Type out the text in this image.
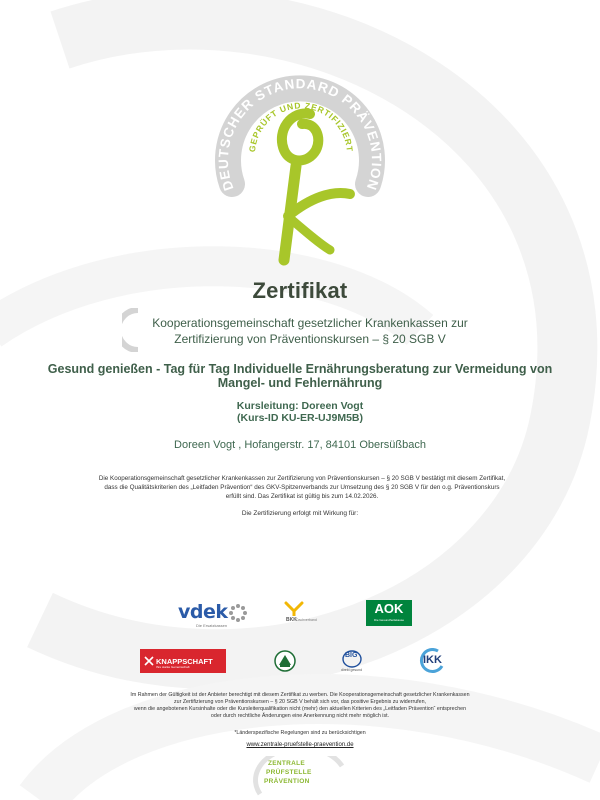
DEUTSCHER STANDARD PRÄVENTION
GEPRÜFT UND ZERTIFIZIERT
Zertifikat
Kooperationsgemeinschaft gesetzlicher Krankenkassen zur
Zertifizierung von Präventionskursen – § 20 SGB V
Gesund genießen - Tag für Tag Individuelle Ernährungsberatung zur Vermeidung von
Mangel- und Fehlernährung
Kursleitung: Doreen Vogt
(Kurs-ID KU-ER-UJ9M5B)
Doreen Vogt , Hofangerstr. 17, 84101 Obersüßbach
Die Kooperationsgemeinschaft gesetzlicher Krankenkassen zur Zertifizierung von Präventionskursen – § 20 SGB V bestätigt mit diesem Zertifikat,
dass die Qualitätskriterien des „Leitfaden Prävention“ des GKV-Spitzenverbands zur Umsetzung des § 20 SGB V für den o.g. Präventionskurs
erfüllt sind. Das Zertifikat ist gültig bis zum 14.02.2026.
Die Zertifizierung erfolgt mit Wirkung für:
vdek
Die Ersatzkassen
BKK Dachverband
AOK
Die Gesundheitskasse
KNAPPSCHAFT
Ihre starke Gemeinschaft
BIG
direkt gesund
IKK
Im Rahmen der Gültigkeit ist der Anbieter berechtigt mit diesem Zertifikat zu werben. Die Kooperationsgemeinschaft gesetzlicher Krankenkassen
zur Zertifizierung von Präventionskursen – § 20 SGB V behält sich vor, das positive Ergebnis zu widerrufen,
wenn die angebotenen Kursinhalte oder die Kursleiterqualifikation nicht (mehr) den aktuellen Kriterien des „Leitfaden Prävention“ entsprechen
oder durch rechtliche Änderungen eine Anerkennung nicht mehr möglich ist.
*Länderspezifische Regelungen sind zu berücksichtigen
www.zentrale-pruefstelle-praevention.de
ZENTRALE
PRÜFSTELLE
PRÄVENTION
